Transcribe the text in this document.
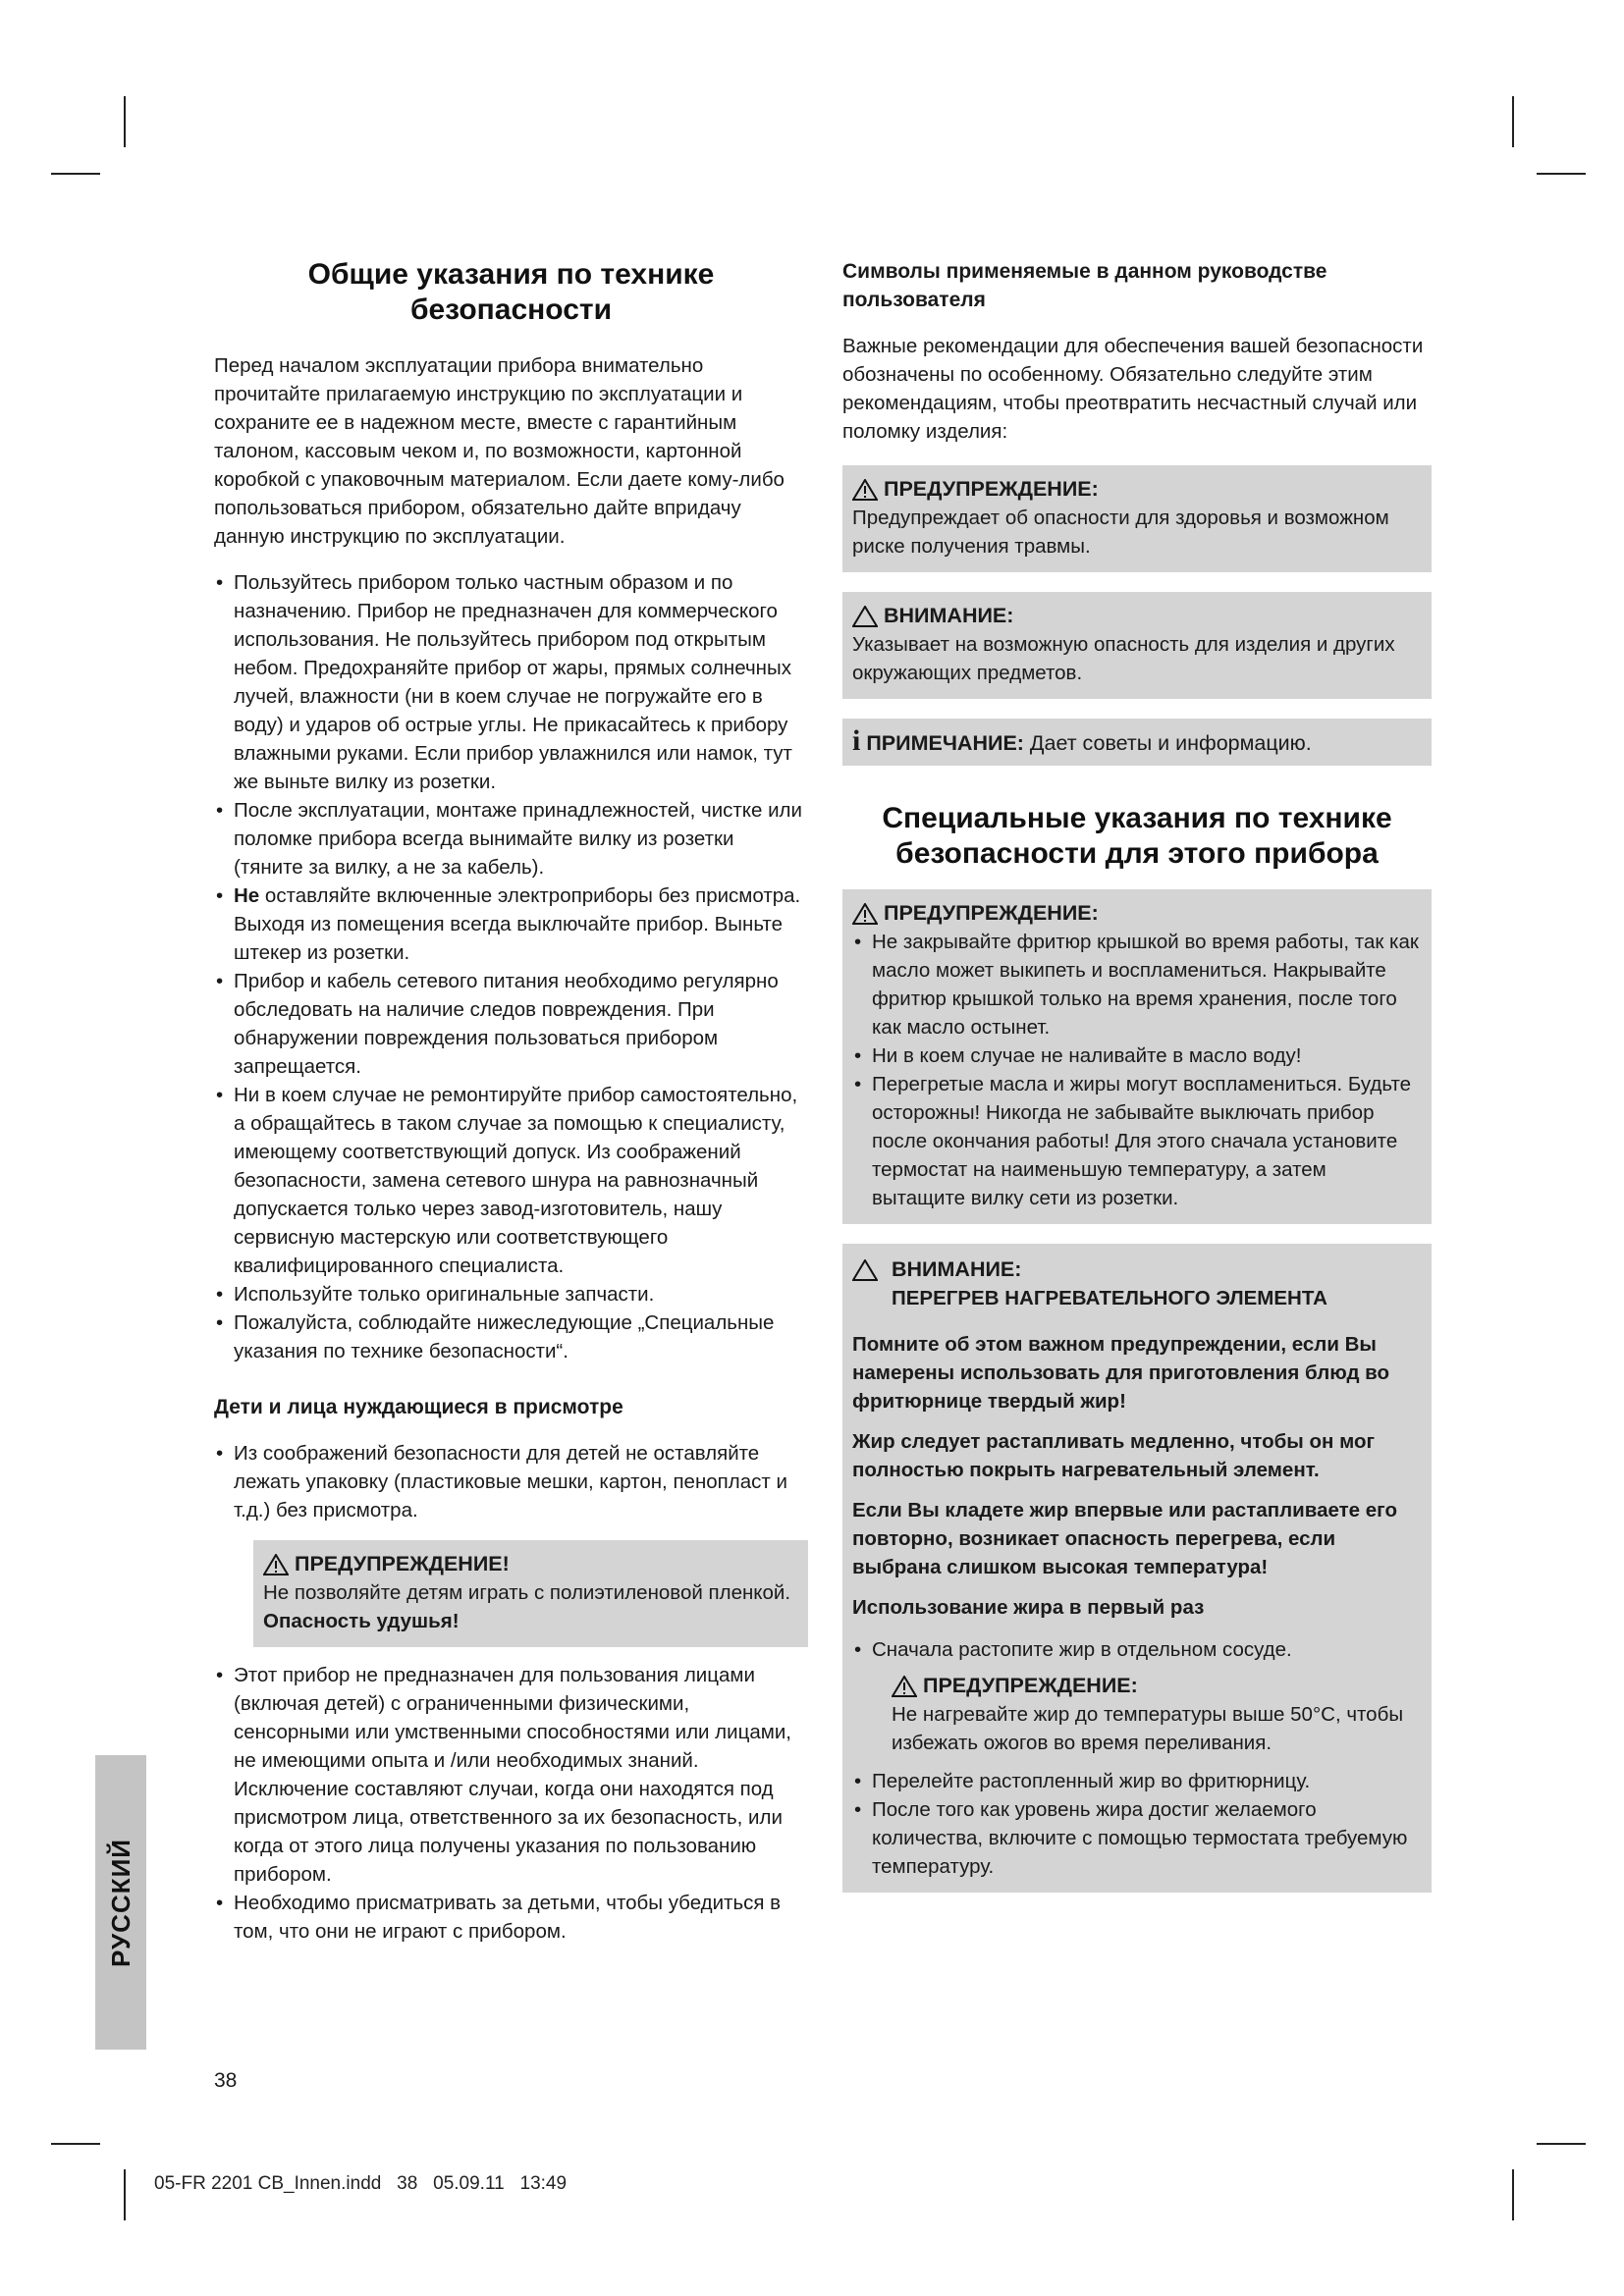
Общие указания по технике безопасности

Перед началом эксплуатации прибора внимательно прочитайте прилагаемую инструкцию по эксплуатации и сохраните ее в надежном месте, вместе с гарантийным талоном, кассовым чеком и, по возможности, картонной коробкой с упаковочным материалом. Если даете кому-либо попользоваться прибором, обязательно дайте впридачу данную инструкцию по эксплуатации.

• Пользуйтесь прибором только частным образом и по назначению. Прибор не предназначен для коммерческого использования. Не пользуйтесь прибором под открытым небом. Предохраняйте прибор от жары, прямых солнечных лучей, влажности (ни в коем случае не погружайте его в воду) и ударов об острые углы. Не прикасайтесь к прибору влажными руками. Если прибор увлажнился или намок, тут же выньте вилку из розетки.
• После эксплуатации, монтаже принадлежностей, чистке или поломке прибора всегда вынимайте вилку из розетки (тяните за вилку, а не за кабель).
• Не оставляйте включенные электроприборы без присмотра. Выходя из помещения всегда выключайте прибор. Выньте штекер из розетки.
• Прибор и кабель сетевого питания необходимо регулярно обследовать на наличие следов повреждения. При обнаружении повреждения пользоваться прибором запрещается.
• Ни в коем случае не ремонтируйте прибор самостоятельно, а обращайтесь в таком случае за помощью к специалисту, имеющему соответствующий допуск. Из соображений безопасности, замена сетевого шнура на равнозначный допускается только через завод-изготовитель, нашу сервисную мастерскую или соответствующего квалифицированного специалиста.
• Используйте только оригинальные запчасти.
• Пожалуйста, соблюдайте нижеследующие „Специальные указания по технике безопасности“.
Дети и лица нуждающиеся в присмотре
• Из соображений безопасности для детей не оставляйте лежать упаковку (пластиковые мешки, картон, пенопласт и т.д.) без присмотра.
ПРЕДУПРЕЖДЕНИЕ!

Не позволяйте детям играть с полиэтиленовой пленкой. Опасность удушья!

• Этот прибор не предназначен для пользования лицами (включая детей) с ограниченными физическими, сенсорными или умственными способностями или лицами, не имеющими опыта и /или необходимых знаний. Исключение составляют случаи, когда они находятся под присмотром лица, ответственного за их безопасность, или когда от этого лица получены указания по пользованию прибором.
• Необходимо присматривать за детьми, чтобы убедиться в том, что они не играют с прибором.
Символы применяемые в данном руководстве пользователя

Важные рекомендации для обеспечения вашей безопасности обозначены по особенному. Обязательно следуйте этим рекомендациям, чтобы преотвратить несчастный случай или поломку изделия:

ПРЕДУПРЕЖДЕНИЕ:

Предупреждает об опасности для здоровья и возможном риске получения травмы.

ВНИМАНИЕ:

Указывает на возможную опасность для изделия и других окружающих предметов.

i ПРИМЕЧАНИЕ: Дает советы и информацию.

Специальные указания по технике безопасности для этого прибора
ПРЕДУПРЕЖДЕНИЕ:
• Не закрывайте фритюр крышкой во время работы, так как масло может выкипеть и воспламениться. Накрывайте фритюр крышкой только на время хранения, после того как масло остынет.
• Ни в коем случае не наливайте в масло воду!
• Перегретые масла и жиры могут воспламениться. Будьте осторожны! Никогда не забывайте выключать прибор после окончания работы! Для этого сначала установите термостат на наименьшую температуру, а затем вытащите вилку сети из розетки.
ВНИМАНИЕ:

ПЕРЕГРЕВ НАГРЕВАТЕЛЬНОГО ЭЛЕМЕНТА

Помните об этом важном предупреждении, если Вы намерены использовать для приготовления блюд во фритюрнице твердый жир!

Жир следует растапливать медленно, чтобы он мог полностью покрыть нагревательный элемент.

Если Вы кладете жир впервые или растапливаете его повторно, возникает опасность перегрева, если выбрана слишком высокая температура!

Использование жира в первый раз

• Сначала растопите жир в отдельном сосуде.
ПРЕДУПРЕЖДЕНИЕ:

Не нагревайте жир до температуры выше 50°C, чтобы избежать ожогов во время переливания.

• Перелейте растопленный жир во фритюрницу.
• После того как уровень жира достиг желаемого количества, включите с помощью термостата требуемую температуру.
РУССКИЙ
38
05-FR 2201 CB_Innen.indd   38   05.09.11   13:49
